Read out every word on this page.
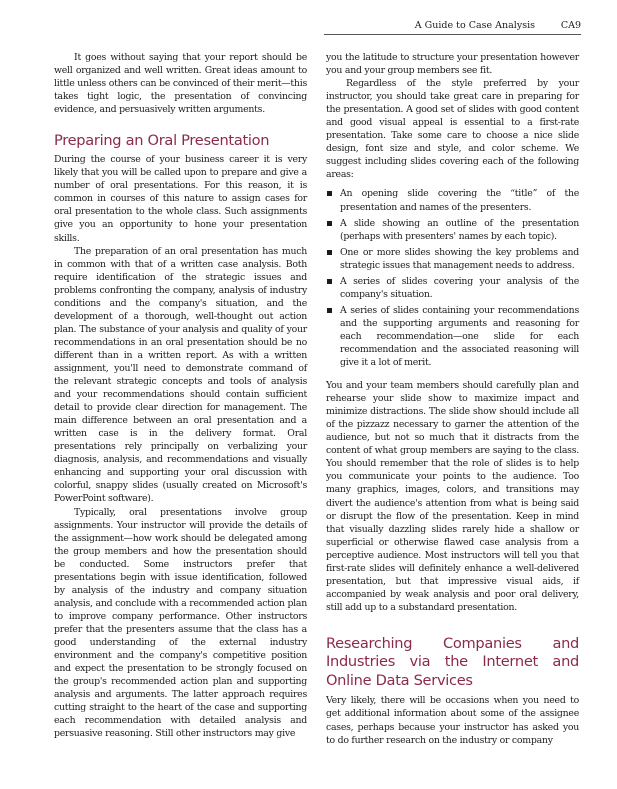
A Guide to Case Analysis	CA9

It goes without saying that your report should be well organized and well written. Great ideas amount to little unless others can be convinced of their merit—this takes tight logic, the presentation of convincing evidence, and persuasively written arguments.

Preparing an Oral Presentation

During the course of your business career it is very likely that you will be called upon to prepare and give a number of oral presentations. For this reason, it is common in courses of this nature to assign cases for oral presentation to the whole class. Such assignments give you an opportunity to hone your presentation skills.

The preparation of an oral presentation has much in common with that of a written case analysis. Both require identification of the strategic issues and problems confronting the company, analysis of industry conditions and the company's situation, and the development of a thorough, well-thought out action plan. The substance of your analysis and quality of your recommendations in an oral presentation should be no different than in a written report. As with a written assignment, you'll need to demonstrate command of the relevant strategic concepts and tools of analysis and your recommendations should contain sufficient detail to provide clear direction for management. The main difference between an oral presentation and a written case is in the delivery format. Oral presentations rely principally on verbalizing your diagnosis, analysis, and recommendations and visually enhancing and supporting your oral discussion with colorful, snappy slides (usually created on Microsoft's PowerPoint software).

Typically, oral presentations involve group assignments. Your instructor will provide the details of the assignment—how work should be delegated among the group members and how the presentation should be conducted. Some instructors prefer that presentations begin with issue identification, followed by analysis of the industry and company situation analysis, and conclude with a recommended action plan to improve company performance. Other instructors prefer that the presenters assume that the class has a good understanding of the external industry environment and the company's competitive position and expect the presentation to be strongly focused on the group's recommended action plan and supporting analysis and arguments. The latter approach requires cutting straight to the heart of the case and supporting each recommendation with detailed analysis and persuasive reasoning. Still other instructors may give

you the latitude to structure your presentation however you and your group members see fit.

Regardless of the style preferred by your instructor, you should take great care in preparing for the presentation. A good set of slides with good content and good visual appeal is essential to a first-rate presentation. Take some care to choose a nice slide design, font size and style, and color scheme. We suggest including slides covering each of the following areas:

An opening slide covering the “title” of the presentation and names of the presenters.
A slide showing an outline of the presentation (perhaps with presenters' names by each topic).
One or more slides showing the key problems and strategic issues that management needs to address.
A series of slides covering your analysis of the company's situation.
A series of slides containing your recommendations and the supporting arguments and reasoning for each recommendation—one slide for each recommendation and the associated reasoning will give it a lot of merit.

You and your team members should carefully plan and rehearse your slide show to maximize impact and minimize distractions. The slide show should include all of the pizzazz necessary to garner the attention of the audience, but not so much that it distracts from the content of what group members are saying to the class. You should remember that the role of slides is to help you communicate your points to the audience. Too many graphics, images, colors, and transitions may divert the audience's attention from what is being said or disrupt the flow of the presentation. Keep in mind that visually dazzling slides rarely hide a shallow or superficial or otherwise flawed case analysis from a perceptive audience. Most instructors will tell you that first-rate slides will definitely enhance a well-delivered presentation, but that impressive visual aids, if accompanied by weak analysis and poor oral delivery, still add up to a substandard presentation.

Researching Companies and Industries via the Internet and Online Data Services

Very likely, there will be occasions when you need to get additional information about some of the assignee cases, perhaps because your instructor has asked you to do further research on the industry or company
